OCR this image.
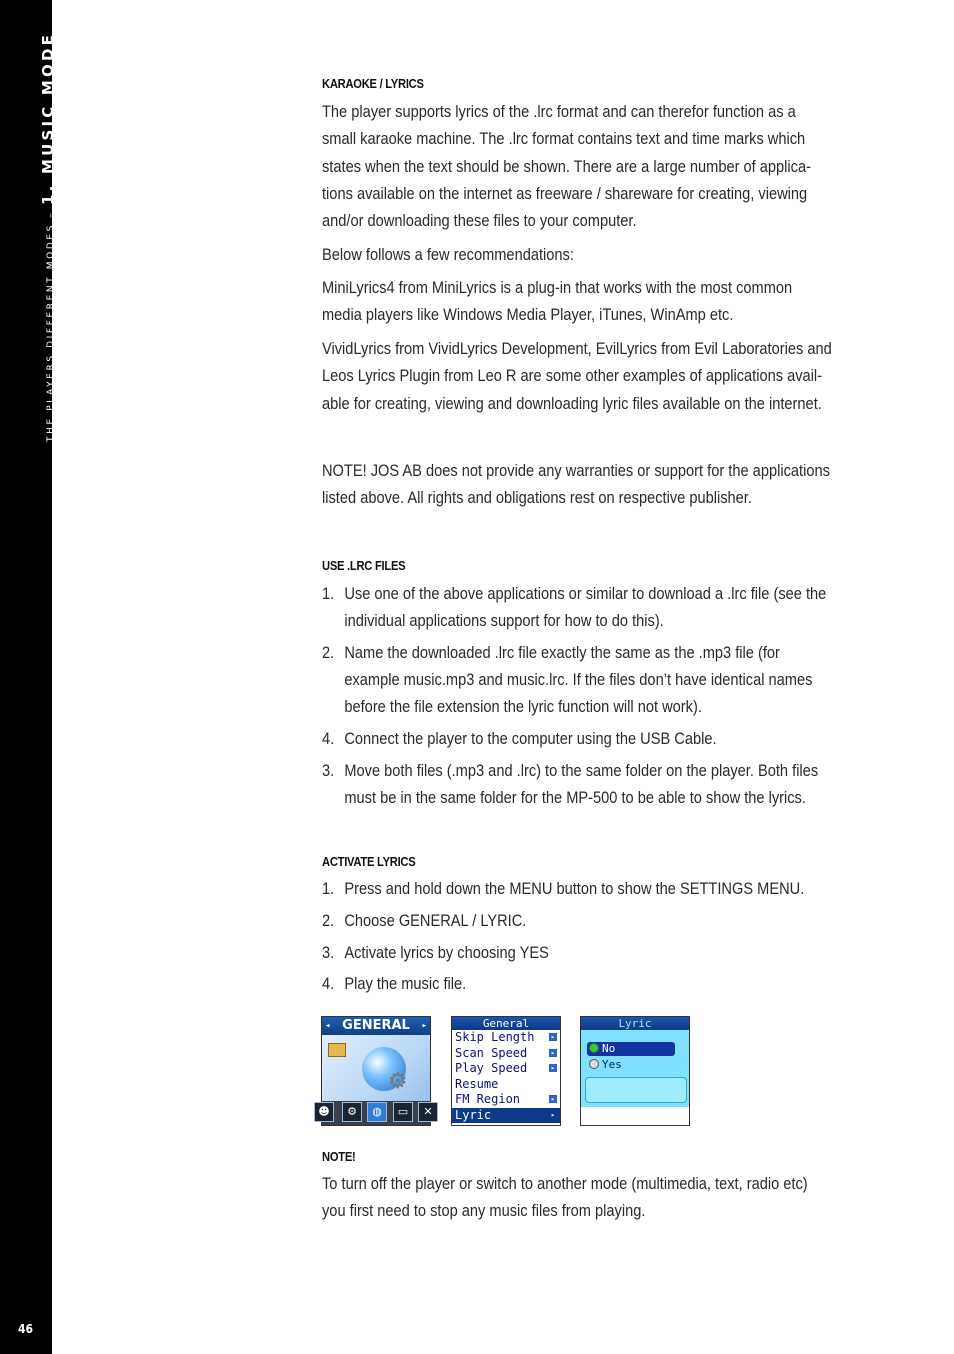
THE PLAYERS DIFFERENT MODES – 1. MUSIC MODE
46
KARAOKE / LYRICS
The player supports lyrics of the .lrc format and can therefor function as a
small karaoke machine. The .lrc format contains text and time marks which
states when the text should be shown. There are a large number of applica-
tions available on the internet as freeware / shareware for creating, viewing
and/or downloading these files to your computer.
Below follows a few recommendations:
MiniLyrics4 from MiniLyrics is a plug-in that works with the most common
media players like Windows Media Player, iTunes, WinAmp etc.
VividLyrics from VividLyrics Development, EvilLyrics from Evil Laboratories and
Leos Lyrics Plugin from Leo R are some other examples of applications avail-
able for creating, viewing and downloading lyric files available on the internet.
NOTE! JOS AB does not provide any warranties or support for the applications
listed above. All rights and obligations rest on respective publisher.
USE .LRC FILES
1. Use one of the above applications or similar to download a .lrc file (see the
individual applications support for how to do this).
2. Name the downloaded .lrc file exactly the same as the .mp3 file (for
example music.mp3 and music.lrc. If the files don’t have identical names
before the file extension the lyric function will not work).
4. Connect the player to the computer using the USB Cable.
3. Move both files (.mp3 and .lrc) to the same folder on the player. Both files
must be in the same folder for the MP-500 to be able to show the lyrics.
ACTIVATE LYRICS
1. Press and hold down the MENU button to show the SETTINGS MENU.
2. Choose GENERAL / LYRIC.
3. Activate lyrics by choosing YES
4. Play the music file.
NOTE!
To turn off the player or switch to another mode (multimedia, text, radio etc)
you first need to stop any music files from playing.
GENERAL
◂	▸
⚙
☻	⚙	◍	▭	✕
General
Skip Length ▸
Scan Speed	▸
Play Speed	▸
Resume
FM Region	▸
Lyric	▸
Lyric
No
Yes
